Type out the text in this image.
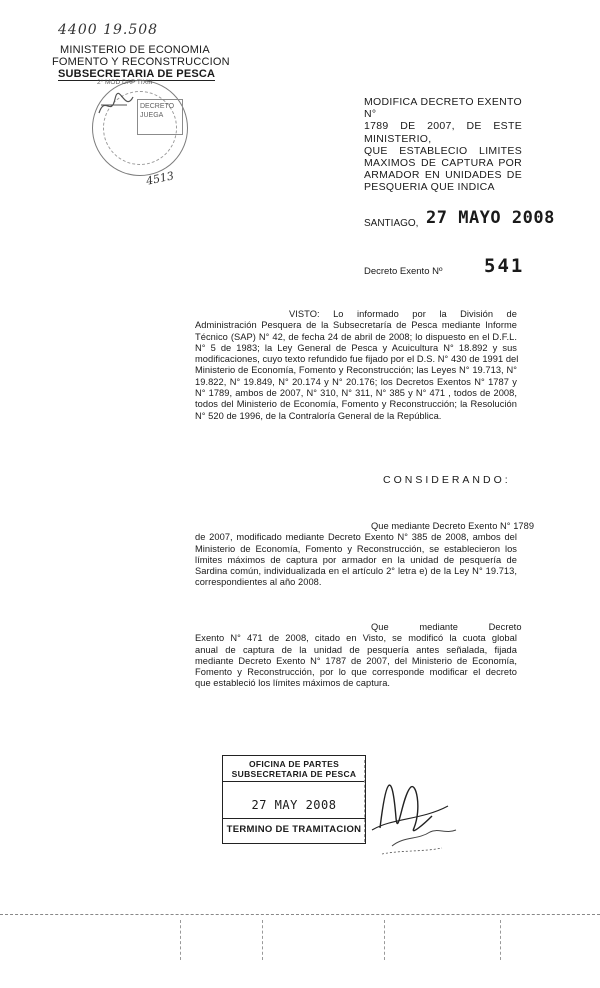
4400 19.508
MINISTERIO DE ECONOMIA
FOMENTO Y RECONSTRUCCION
SUBSECRETARIA DE PESCA
2° MOD DAP TIXIII
DECRETO
JUEGA
4513
MODIFICA DECRETO EXENTO N°
1789 DE 2007, DE ESTE MINISTERIO,
QUE ESTABLECIO LIMITES
MAXIMOS DE CAPTURA POR
ARMADOR EN UNIDADES DE
PESQUERIA QUE INDICA
SANTIAGO, 27 MAYO 2008
Decreto Exento Nº 541
VISTO: Lo informado por la División de
Administración Pesquera de la Subsecretaría de Pesca mediante Informe
Técnico (SAP) N° 42, de fecha 24 de abril de 2008; lo dispuesto en el D.F.L.
N° 5 de 1983; la Ley General de Pesca y Acuicultura N° 18.892 y sus
modificaciones, cuyo texto refundido fue fijado por el D.S. N° 430 de 1991 del
Ministerio de Economía, Fomento y Reconstrucción; las Leyes N° 19.713, N°
19.822, N° 19.849, N° 20.174 y N° 20.176; los Decretos Exentos N° 1787 y
N° 1789, ambos de 2007, N° 310, N° 311, N° 385 y N° 471 , todos de 2008,
todos del Ministerio de Economía, Fomento y Reconstrucción; la Resolución
N° 520 de 1996, de la Contraloría General de la República.
CONSIDERANDO:
Que mediante Decreto Exento N° 1789
de 2007, modificado mediante Decreto Exento N° 385 de 2008, ambos del
Ministerio de Economía, Fomento y Reconstrucción, se establecieron los
límites máximos de captura por armador en la unidad de pesquería de
Sardina común, individualizada en el artículo 2° letra e) de la Ley N° 19.713,
correspondientes al año 2008.
Que mediante Decreto
Exento N° 471 de 2008, citado en Visto, se modificó la cuota global
anual de captura de la unidad de pesquería antes señalada, fijada
mediante Decreto Exento N° 1787 de 2007, del Ministerio de Economía,
Fomento y Reconstrucción, por lo que corresponde modificar el decreto
que estableció los límites máximos de captura.
OFICINA DE PARTES
SUBSECRETARIA DE PESCA
27 MAY 2008
TERMINO DE TRAMITACION
